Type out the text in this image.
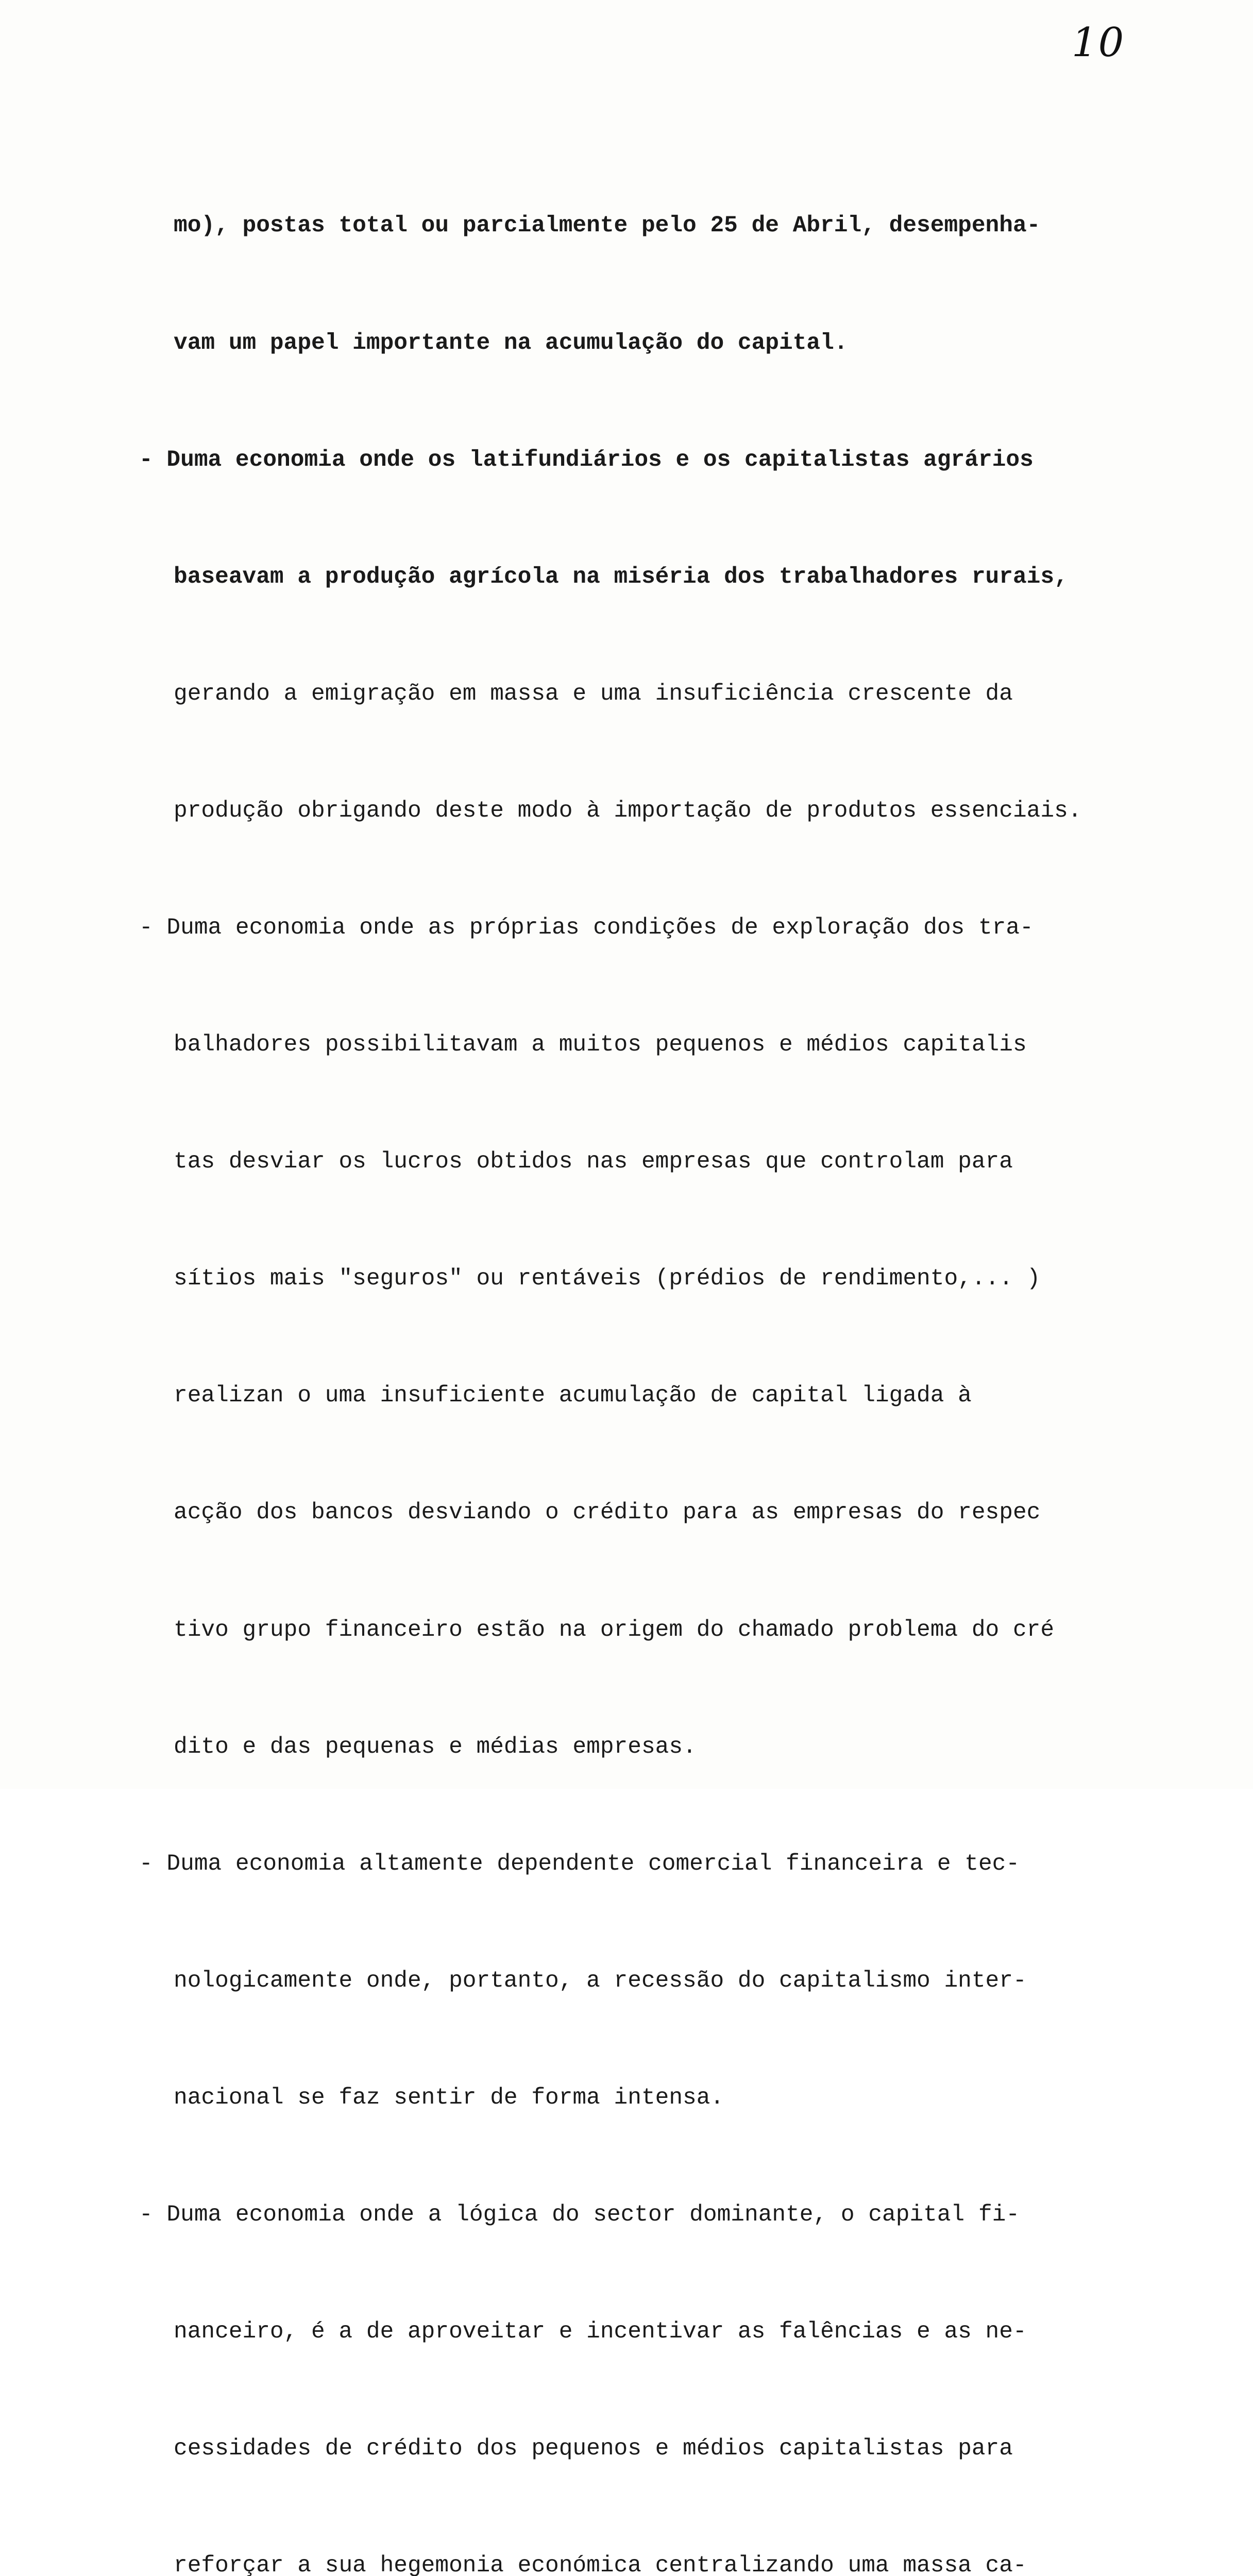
10

mo), postas total ou parcialmente pelo 25 de Abril, desempenha-

vam um papel importante na acumulação do capital.

- Duma economia onde os latifundiários e os capitalistas agrários

baseavam a produção agrícola na miséria dos trabalhadores rurais,

gerando a emigração em massa e uma insuficiência crescente da

produção obrigando deste modo à importação de produtos essenciais.

- Duma economia onde as próprias condições de exploração dos tra-

balhadores possibilitavam a muitos pequenos e médios capitalis

tas desviar os lucros obtidos nas empresas que controlam para

sítios mais "seguros" ou rentáveis (prédios de rendimento,... )

realizan o uma insuficiente acumulação de capital ligada à

acção dos bancos desviando o crédito para as empresas do respec

tivo grupo financeiro estão na origem do chamado problema do cré

dito e das pequenas e médias empresas.

- Duma economia altamente dependente comercial financeira e tec-

nologicamente onde, portanto, a recessão do capitalismo inter-

nacional se faz sentir de forma intensa.

- Duma economia onde a lógica do sector dominante, o capital fi-

nanceiro, é a de aproveitar e incentivar as falências e as ne-

cessidades de crédito dos pequenos e médios capitalistas para

reforçar a sua hegemonia económica centralizando uma massa ca-
